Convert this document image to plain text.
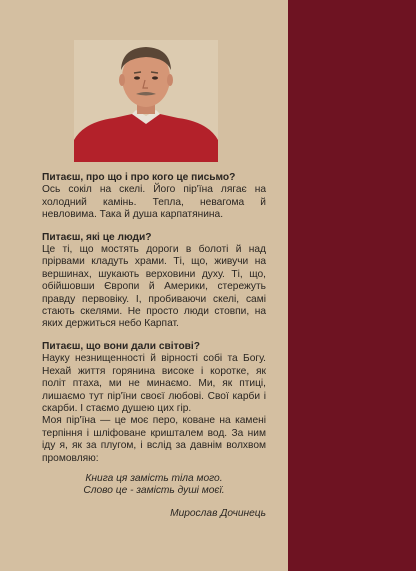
Питаєш, про що і про кого це письмо?

Ось сокіл на скелі. Його пір'їна лягає на холодний камінь. Тепла, невагома й невловима. Така й душа карпатянина.

Питаєш, які це люди?

Це ті, що мостять дороги в болоті й над прірвами кладуть храми. Ті, що, живучи на вершинах, шукають верховини духу. Ті, що, обійшовши Європи й Америки, стережуть правду первовіку. І, пробиваючи скелі, самі стають скелями. Не просто люди стовпи, на яких держиться небо Карпат.

Питаєш, що вони дали світові?

Науку незнищенності й вірності собі та Богу. Нехай життя горянина високе і коротке, як політ птаха, ми не минаємо. Ми, як птиці, лишаємо тут пір'їни своєї любові. Свої карби і скарби. І стаємо душею цих гір.

Моя пір'їна — це моє перо, коване на камені терпіння і шліфоване кришталем вод. За ним іду я, як за плугом, і вслід за давнім волхвом промовляю:

Книга ця замість тіла мого.
Слово це - замість душі моєї.

Мирослав Дочинець
